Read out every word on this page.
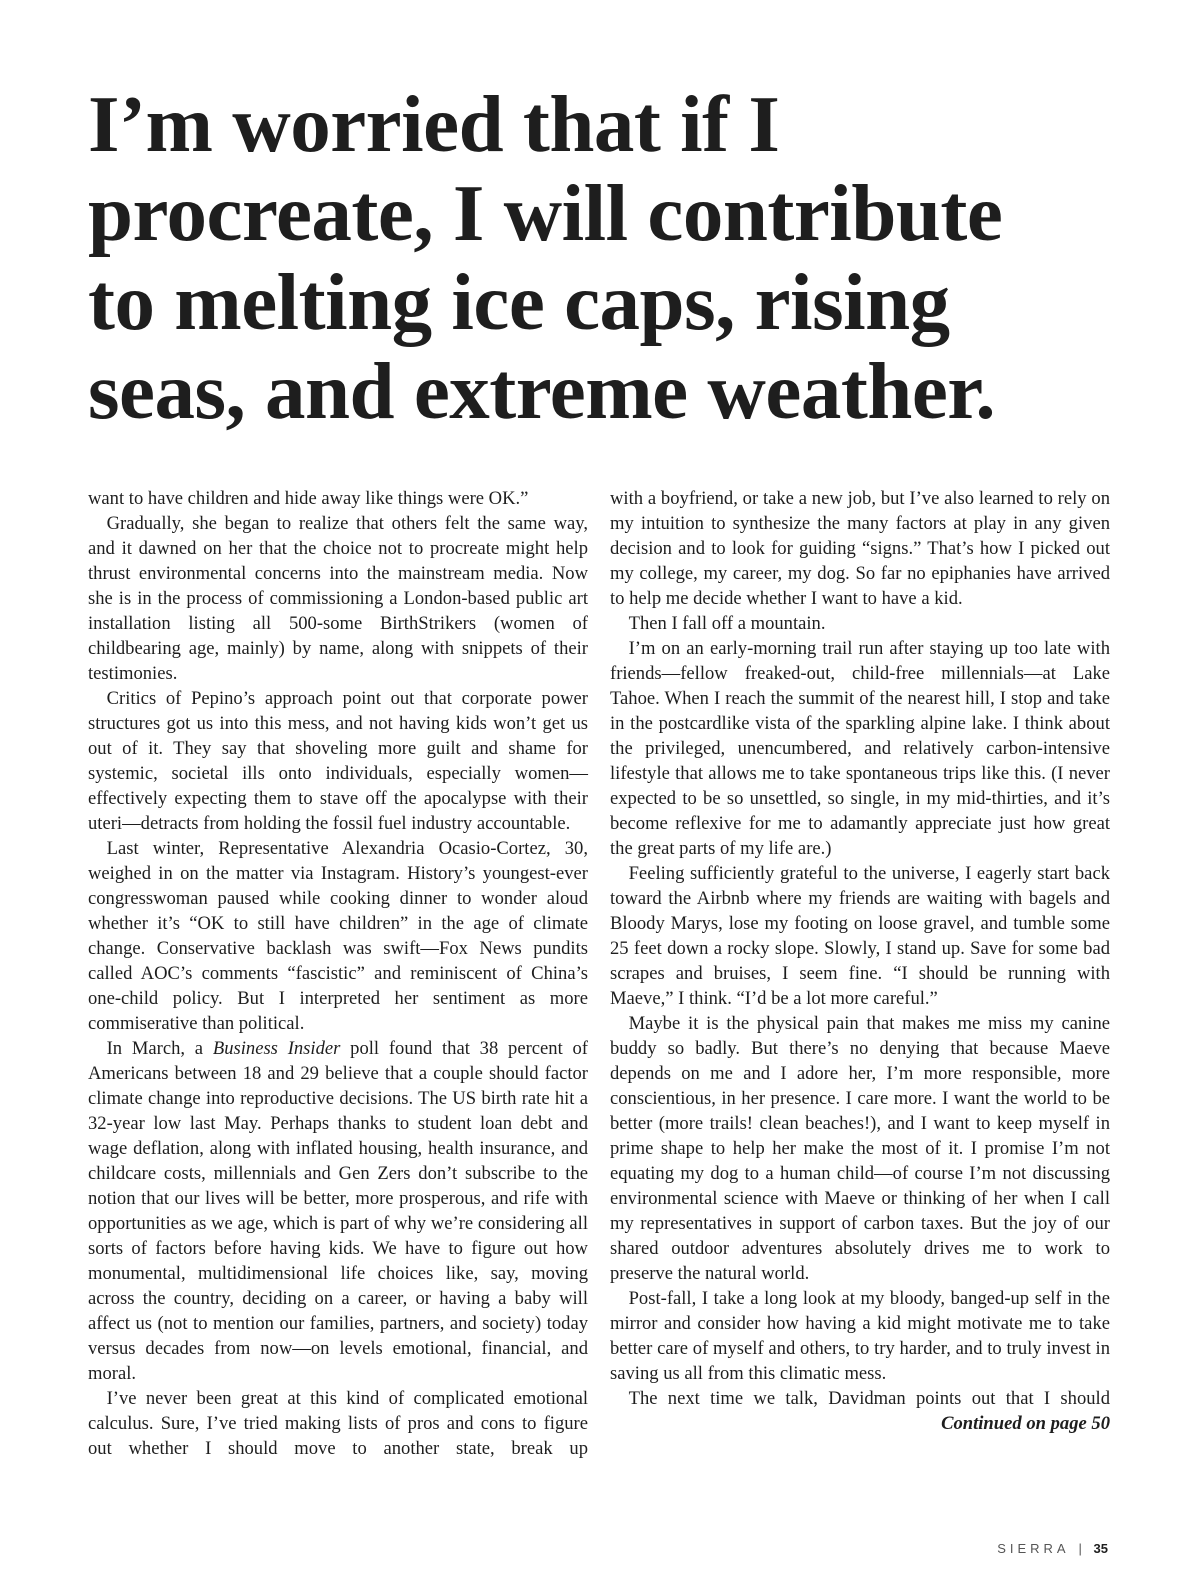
I’m worried that if I
procreate, I will contribute
to melting ice caps, rising
seas, and extreme weather.

want to have children and hide away like things were OK.”

Gradually, she began to realize that others felt the same way, and it dawned on her that the choice not to procreate might help thrust environmental concerns into the mainstream media. Now she is in the process of commissioning a London-based public art installation listing all 500-some BirthStrikers (women of childbearing age, mainly) by name, along with snippets of their testimonies.

Critics of Pepino’s approach point out that corporate power structures got us into this mess, and not having kids won’t get us out of it. They say that shoveling more guilt and shame for systemic, societal ills onto individuals, especially women—effectively expecting them to stave off the apocalypse with their uteri—detracts from holding the fossil fuel industry accountable.

Last winter, Representative Alexandria Ocasio-Cortez, 30, weighed in on the matter via Instagram. History’s youngest-ever congresswoman paused while cooking dinner to wonder aloud whether it’s “OK to still have children” in the age of climate change. Conservative backlash was swift—Fox News pundits called AOC’s comments “fascistic” and reminiscent of China’s one-child policy. But I interpreted her sentiment as more commiserative than political.

In March, a Business Insider poll found that 38 percent of Americans between 18 and 29 believe that a couple should factor climate change into reproductive decisions. The US birth rate hit a 32-year low last May. Perhaps thanks to student loan debt and wage deflation, along with inflated housing, health insurance, and childcare costs, millennials and Gen Zers don’t subscribe to the notion that our lives will be better, more prosperous, and rife with opportunities as we age, which is part of why we’re considering all sorts of factors before having kids. We have to figure out how monumental, multidimensional life choices like, say, moving across the country, deciding on a career, or having a baby will affect us (not to mention our families, partners, and society) today versus decades from now—on levels emotional, financial, and moral.

I’ve never been great at this kind of complicated emotional calculus. Sure, I’ve tried making lists of pros and cons to figure out whether I should move to another state, break up

with a boyfriend, or take a new job, but I’ve also learned to rely on my intuition to synthesize the many factors at play in any given decision and to look for guiding “signs.” That’s how I picked out my college, my career, my dog. So far no epiphanies have arrived to help me decide whether I want to have a kid.

Then I fall off a mountain.

I’m on an early-morning trail run after staying up too late with friends—fellow freaked-out, child-free millennials—at Lake Tahoe. When I reach the summit of the nearest hill, I stop and take in the postcardlike vista of the sparkling alpine lake. I think about the privileged, unencumbered, and relatively carbon-intensive lifestyle that allows me to take spontaneous trips like this. (I never expected to be so unsettled, so single, in my mid-thirties, and it’s become reflexive for me to adamantly appreciate just how great the great parts of my life are.)

Feeling sufficiently grateful to the universe, I eagerly start back toward the Airbnb where my friends are waiting with bagels and Bloody Marys, lose my footing on loose gravel, and tumble some 25 feet down a rocky slope. Slowly, I stand up. Save for some bad scrapes and bruises, I seem fine. “I should be running with Maeve,” I think. “I’d be a lot more careful.”

Maybe it is the physical pain that makes me miss my canine buddy so badly. But there’s no denying that because Maeve depends on me and I adore her, I’m more responsible, more conscientious, in her presence. I care more. I want the world to be better (more trails! clean beaches!), and I want to keep myself in prime shape to help her make the most of it. I promise I’m not equating my dog to a human child—of course I’m not discussing environmental science with Maeve or thinking of her when I call my representatives in support of carbon taxes. But the joy of our shared outdoor adventures absolutely drives me to work to preserve the natural world.

Post-fall, I take a long look at my bloody, banged-up self in the mirror and consider how having a kid might motivate me to take better care of myself and others, to try harder, and to truly invest in saving us all from this climatic mess.

The next time we talk, Davidman points out that I should

Continued on page 50

SIERRA | 35
